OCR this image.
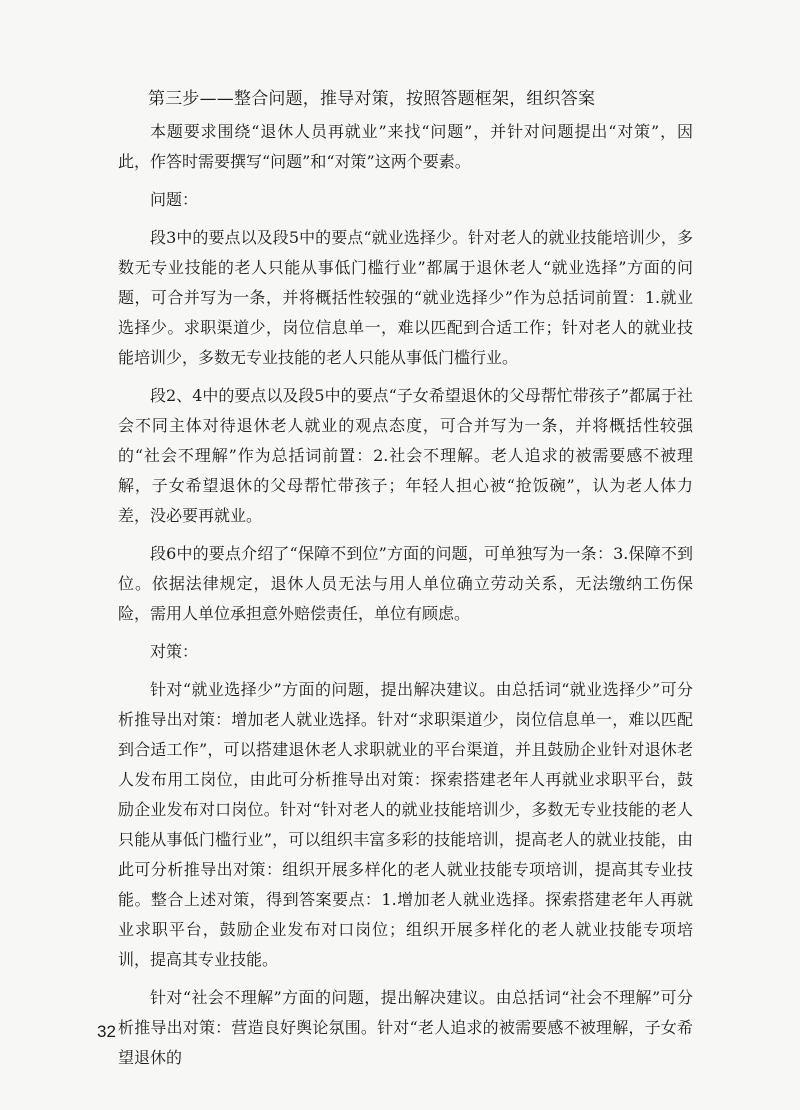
第三步——整合问题，推导对策，按照答题框架，组织答案

本题要求围绕“退休人员再就业”来找“问题”，并针对问题提出“对策”，因此，作答时需要撰写“问题”和“对策”这两个要素。

问题：

段3中的要点以及段5中的要点“就业选择少。针对老人的就业技能培训少，多数无专业技能的老人只能从事低门槛行业”都属于退休老人“就业选择”方面的问题，可合并写为一条，并将概括性较强的“就业选择少”作为总括词前置：1.就业选择少。求职渠道少，岗位信息单一，难以匹配到合适工作；针对老人的就业技能培训少，多数无专业技能的老人只能从事低门槛行业。

段2、4中的要点以及段5中的要点“子女希望退休的父母帮忙带孩子”都属于社会不同主体对待退休老人就业的观点态度，可合并写为一条，并将概括性较强的“社会不理解”作为总括词前置：2.社会不理解。老人追求的被需要感不被理解，子女希望退休的父母帮忙带孩子；年轻人担心被“抢饭碗”，认为老人体力差，没必要再就业。

段6中的要点介绍了“保障不到位”方面的问题，可单独写为一条：3.保障不到位。依据法律规定，退休人员无法与用人单位确立劳动关系，无法缴纳工伤保险，需用人单位承担意外赔偿责任，单位有顾虑。

对策：

针对“就业选择少”方面的问题，提出解决建议。由总括词“就业选择少”可分析推导出对策：增加老人就业选择。针对“求职渠道少，岗位信息单一，难以匹配到合适工作”，可以搭建退休老人求职就业的平台渠道，并且鼓励企业针对退休老人发布用工岗位，由此可分析推导出对策：探索搭建老年人再就业求职平台，鼓励企业发布对口岗位。针对“针对老人的就业技能培训少，多数无专业技能的老人只能从事低门槛行业”，可以组织丰富多彩的技能培训，提高老人的就业技能，由此可分析推导出对策：组织开展多样化的老人就业技能专项培训，提高其专业技能。整合上述对策，得到答案要点：1.增加老人就业选择。探索搭建老年人再就业求职平台，鼓励企业发布对口岗位；组织开展多样化的老人就业技能专项培训，提高其专业技能。

针对“社会不理解”方面的问题，提出解决建议。由总括词“社会不理解”可分析推导出对策：营造良好舆论氛围。针对“老人追求的被需要感不被理解，子女希望退休的

32
